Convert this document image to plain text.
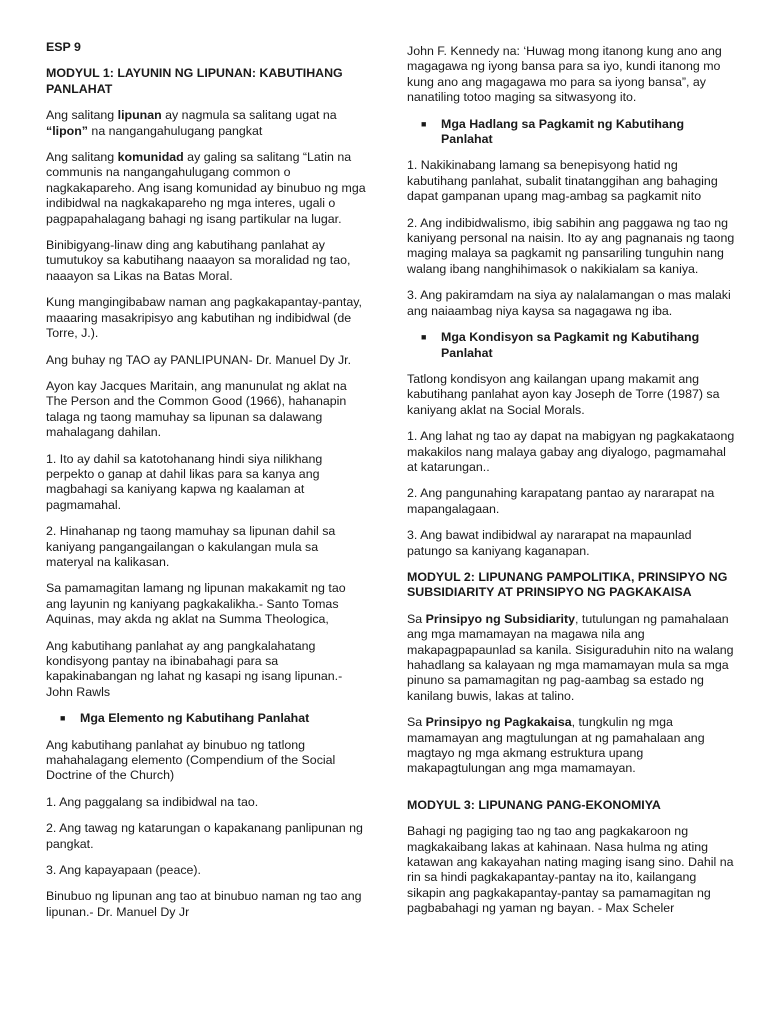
ESP 9
MODYUL 1: LAYUNIN NG LIPUNAN: KABUTIHANG PANLAHAT

Ang salitang lipunan ay nagmula sa salitang ugat na “lipon” na nangangahulugang pangkat

Ang salitang komunidad ay galing sa salitang “Latin na communis na nangangahulugang common o nagkakapareho. Ang isang komunidad ay binubuo ng mga indibidwal na nagkakapareho ng mga interes, ugali o pagpapahalagang bahagi ng isang partikular na lugar.

Binibigyang-linaw ding ang kabutihang panlahat ay tumutukoy sa kabutihang naaayon sa moralidad ng tao, naaayon sa Likas na Batas Moral.

Kung mangingibabaw naman ang pagkakapantay-pantay, maaaring masakripisyo ang kabutihan ng indibidwal (de Torre, J.).

Ang buhay ng TAO ay PANLIPUNAN- Dr. Manuel Dy Jr.

Ayon kay Jacques Maritain, ang manunulat ng aklat na The Person and the Common Good (1966), hahanapin talaga ng taong mamuhay sa lipunan sa dalawang mahalagang dahilan.

1. Ito ay dahil sa katotohanang hindi siya nilikhang perpekto o ganap at dahil likas para sa kanya ang magbahagi sa kaniyang kapwa ng kaalaman at pagmamahal.

2. Hinahanap ng taong mamuhay sa lipunan dahil sa kaniyang pangangailangan o kakulangan mula sa materyal na kalikasan.

Sa pamamagitan lamang ng lipunan makakamit ng tao ang layunin ng kaniyang pagkakalikha.- Santo Tomas Aquinas, may akda ng aklat na Summa Theologica,

Ang kabutihang panlahat ay ang pangkalahatang kondisyong pantay na ibinabahagi para sa kapakinabangan ng lahat ng kasapi ng isang lipunan.- John Rawls

■	Mga Elemento ng Kabutihang Panlahat

Ang kabutihang panlahat ay binubuo ng tatlong mahahalagang elemento (Compendium of the Social Doctrine of the Church)

1. Ang paggalang sa indibidwal na tao.

2. Ang tawag ng katarungan o kapakanang panlipunan ng pangkat.

3. Ang kapayapaan (peace).

Binubuo ng lipunan ang tao at binubuo naman ng tao ang lipunan.- Dr. Manuel Dy Jr

John F. Kennedy na: ‘Huwag mong itanong kung ano ang magagawa ng iyong bansa para sa iyo, kundi itanong mo kung ano ang magagawa mo para sa iyong bansa”, ay nanatiling totoo maging sa sitwasyong ito.

■	Mga Hadlang sa Pagkamit ng Kabutihang Panlahat

1. Nakikinabang lamang sa benepisyong hatid ng kabutihang panlahat, subalit tinatanggihan ang bahaging dapat gampanan upang mag-ambag sa pagkamit nito

2. Ang indibidwalismo, ibig sabihin ang paggawa ng tao ng kaniyang personal na naisin. Ito ay ang pagnanais ng taong maging malaya sa pagkamit ng pansariling tunguhin nang walang ibang nanghihimasok o nakikialam sa kaniya.

3. Ang pakiramdam na siya ay nalalamangan o mas malaki ang naiaambag niya kaysa sa nagagawa ng iba.

■	Mga Kondisyon sa Pagkamit ng Kabutihang Panlahat

Tatlong kondisyon ang kailangan upang makamit ang kabutihang panlahat ayon kay Joseph de Torre (1987) sa kaniyang aklat na Social Morals.

1. Ang lahat ng tao ay dapat na mabigyan ng pagkakataong makakilos nang malaya gabay ang diyalogo, pagmamahal at katarungan..

2. Ang pangunahing karapatang pantao ay nararapat na mapangalagaan.

3. Ang bawat indibidwal ay nararapat na mapaunlad patungo sa kaniyang kaganapan.

MODYUL 2: LIPUNANG PAMPOLITIKA, PRINSIPYO NG SUBSIDIARITY AT PRINSIPYO NG PAGKAKAISA

Sa Prinsipyo ng Subsidiarity, tutulungan ng pamahalaan ang mga mamamayan na magawa nila ang makapagpapaunlad sa kanila. Sisiguraduhin nito na walang hahadlang sa kalayaan ng mga mamamayan mula sa mga pinuno sa pamamagitan ng pag-aambag sa estado ng kanilang buwis, lakas at talino.

Sa Prinsipyo ng Pagkakaisa, tungkulin ng mga mamamayan ang magtulungan at ng pamahalaan ang magtayo ng mga akmang estruktura upang makapagtulungan ang mga mamamayan.

MODYUL 3: LIPUNANG PANG-EKONOMIYA

Bahagi ng pagiging tao ng tao ang pagkakaroon ng magkakaibang lakas at kahinaan. Nasa hulma ng ating katawan ang kakayahan nating maging isang sino. Dahil na rin sa hindi pagkakapantay-pantay na ito, kailangang sikapin ang pagkakapantay-pantay sa pamamagitan ng pagbabahagi ng yaman ng bayan. - Max Scheler
